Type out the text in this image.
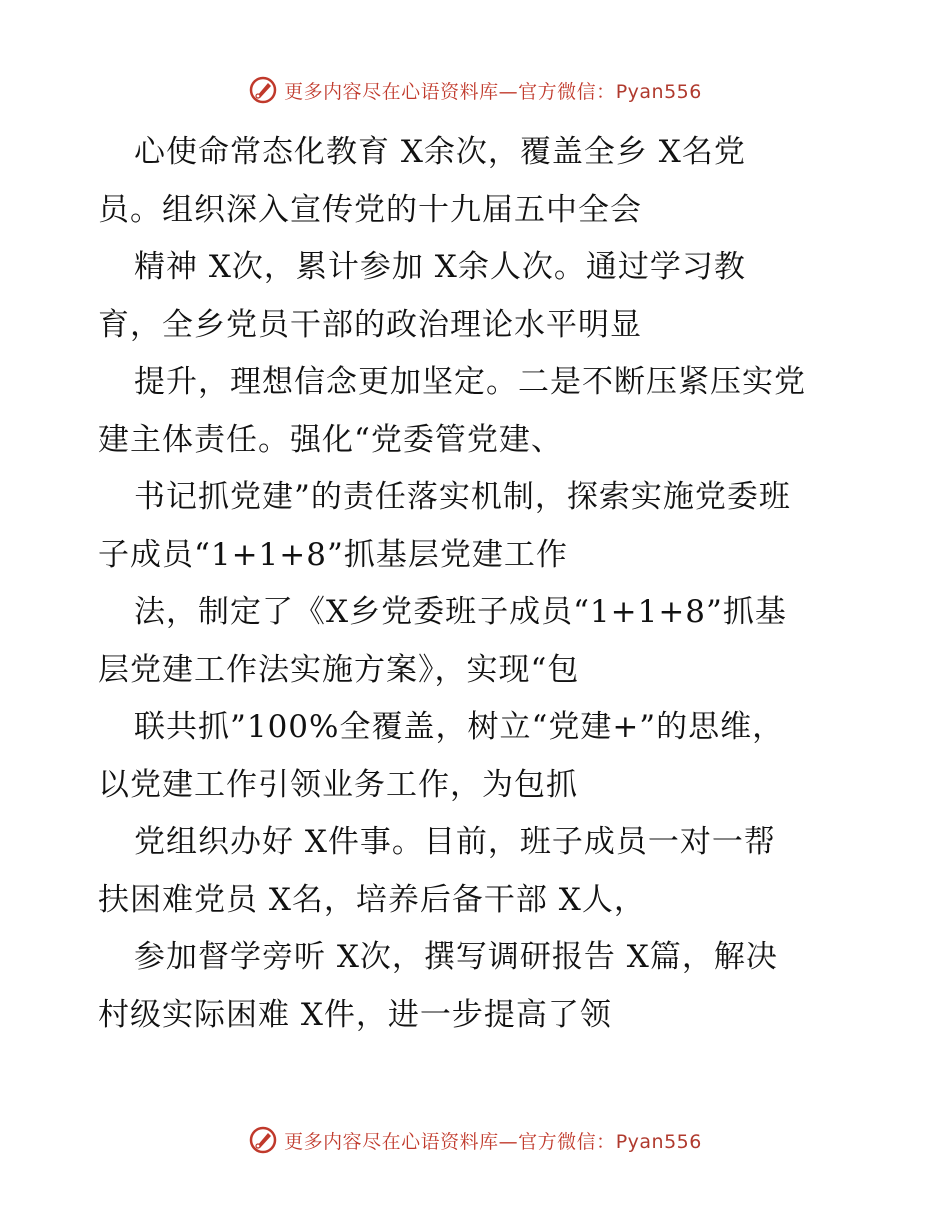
更多内容尽在心语资料库—官方微信：Pyan556
心使命常态化教育 X余次，覆盖全乡 X名党
员。组织深入宣传党的十九届五中全会
精神 X次，累计参加 X余人次。通过学习教
育，全乡党员干部的政治理论水平明显
提升，理想信念更加坚定。二是不断压紧压实党
建主体责任。强化“党委管党建、
书记抓党建”的责任落实机制，探索实施党委班
子成员“1+1+8”抓基层党建工作
法，制定了《X乡党委班子成员“1+1+8”抓基
层党建工作法实施方案》，实现“包
联共抓”100%全覆盖，树立“党建+”的思维，
以党建工作引领业务工作，为包抓
党组织办好 X件事。目前，班子成员一对一帮
扶困难党员 X名，培养后备干部 X人，
参加督学旁听 X次，撰写调研报告 X篇，解决
村级实际困难 X件，进一步提高了领
更多内容尽在心语资料库—官方微信：Pyan556
